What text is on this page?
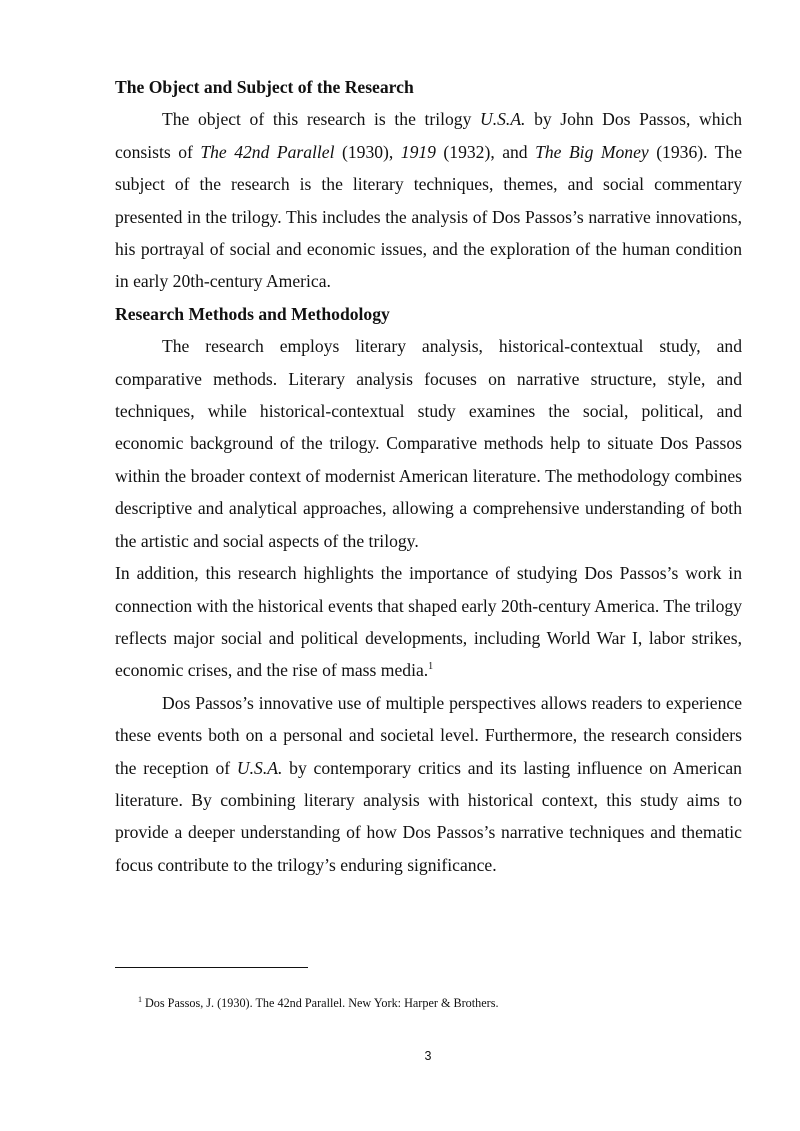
The Object and Subject of the Research

The object of this research is the trilogy U.S.A. by John Dos Passos, which consists of The 42nd Parallel (1930), 1919 (1932), and The Big Money (1936). The subject of the research is the literary techniques, themes, and social commentary presented in the trilogy. This includes the analysis of Dos Passos’s narrative innovations, his portrayal of social and economic issues, and the exploration of the human condition in early 20th-century America.

Research Methods and Methodology

The research employs literary analysis, historical-contextual study, and comparative methods. Literary analysis focuses on narrative structure, style, and techniques, while historical-contextual study examines the social, political, and economic background of the trilogy. Comparative methods help to situate Dos Passos within the broader context of modernist American literature. The methodology combines descriptive and analytical approaches, allowing a comprehensive understanding of both the artistic and social aspects of the trilogy.

In addition, this research highlights the importance of studying Dos Passos’s work in connection with the historical events that shaped early 20th-century America. The trilogy reflects major social and political developments, including World War I, labor strikes, economic crises, and the rise of mass media.$^1$

Dos Passos’s innovative use of multiple perspectives allows readers to experience these events both on a personal and societal level. Furthermore, the research considers the reception of U.S.A. by contemporary critics and its lasting influence on American literature. By combining literary analysis with historical context, this study aims to provide a deeper understanding of how Dos Passos’s narrative techniques and thematic focus contribute to the trilogy’s enduring significance.

$^1$ Dos Passos, J. (1930). The 42nd Parallel. New York: Harper & Brothers.
3
